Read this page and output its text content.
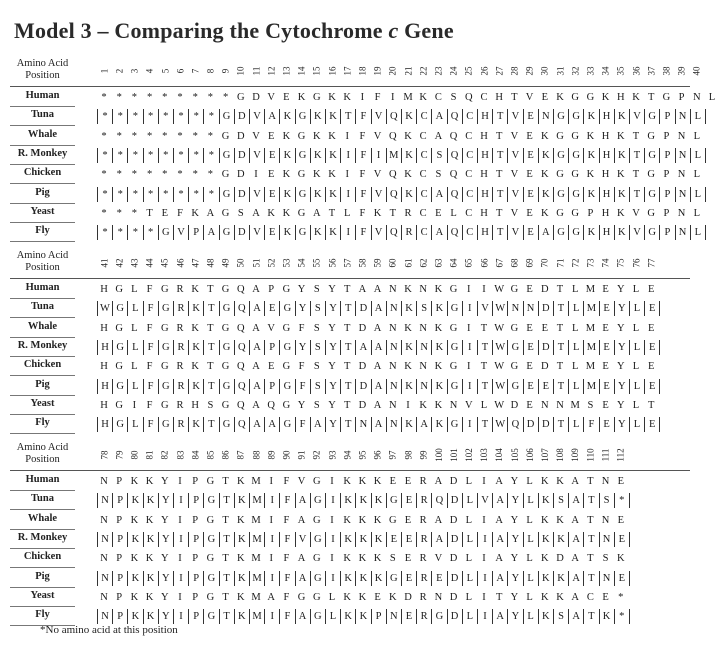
Model 3 – Comparing the Cytochrome c Gene
Amino Acid
Position	1 2 3 4 5 6 7 8 9 10 11 12 13 14 15 16 17 18 19 20 21 22 23 24 25 26 27 28 29 30 31 32 33 34 35 36 37 38 39 40
Human	* * * * * * * * * G D V E K G K K I	F	I M K C S Q C H T V E K G G K H K T G P N L
Tuna	* * * * * * * * G D V A K G K K T F V Q K C A Q C H T V E N G G K H K V G P N L
Whale	* * * * * * * * G D V E K G K K I	F V Q K C A Q C H T V E K G G K H K T G P N L
R. Monkey	* * * * * * * * G D V E K G K K I	F	I M K C S Q C H T V E K G G K H K T G P N L
Chicken	* * * * * * * * G D I E K G K K I	F V Q K C S Q C H T V E K G G K H K T G P N L
Pig	* * * * * * * * G D V E K G K K I	F V Q K C A Q C H T V E K G G K H K T G P N L
Yeast	* * * T E F K A G S A K K G A T L F K T R C E L C H T V E K G G P H K V G P N L
Fly	* * * * G V P A G D V E K G K K I	F V Q R C A Q C H T V E A G G K H K V G P N L
Amino Acid
Position	41 42 43 44 45 46 47 48 49 50 51 52 53 54 55 56 57 58 59 60 61 62 63 64 65 66 67 68 69 70 71 72 73 74 75 76 77
Human	H G L F G R K T G Q A P G Y S Y T A A N K N K G I	I W G E D T L M E Y L E
Tuna	W G L F G R K T G Q A E G Y S Y T D A N K S K G I V W N N D T L M E Y L E
Whale	H G L F G R K T G Q A V G F S Y T D A N K N K G I T W G E E T L M E Y L E
R. Monkey	H G L F G R K T G Q A P G Y S Y T A A N K N K G I T W G E D T L M E Y L E
Chicken	H G L F G R K T G Q A E G F S Y T D A N K N K G I T W G E D T L M E Y L E
Pig	H G L F G R K T G Q A P G F S Y T D A N K N K G I T W G E E T L M E Y L E
Yeast	H G I	F G R H S G Q A Q G Y S Y T D A N I K K N V L W D E N N M S E Y L T
Fly	H G L F G R K T G Q A A G F A Y T N A N K A K G I T W Q D D T L F E Y L E
Amino Acid
Position	78 79 80 81 82 83 84 85 86 87 88 89 90 91 92 93 94 95 96 97 98 99 100 101 102 103 104 105 106 107 108 109 110 111 112
Human	N P K K Y I	P G T K M I	F V G I K K K E E R A D L I A Y L K K A T N E
Tuna	N P K K Y I	P G T K M I	F A G I K K K G E R Q D L V A Y L K S A T S *
Whale	N P K K Y I	P G T K M I	F A G I K K K G E R A D L I A Y L K K A T N E
R. Monkey	N P K K Y I	P G T K M I	F V G I K K K E E R A D L I A Y L K K A T N E
Chicken	N P K K Y I	P G T K M I	F A G I K K K S E R V D L I A Y L K D A T S K
Pig	N P K K Y I	P G T K M I	F A G I K K K G E R E D L I A Y L K K A T N E
Yeast	N P K K Y I	P G T K M A F G G L K K E K D R N D L I T Y L K K A C E *
Fly	N P K K Y I	P G T K M I	F A G L K K P N E R G D L I A Y L K S A T K *
*No amino acid at this position
